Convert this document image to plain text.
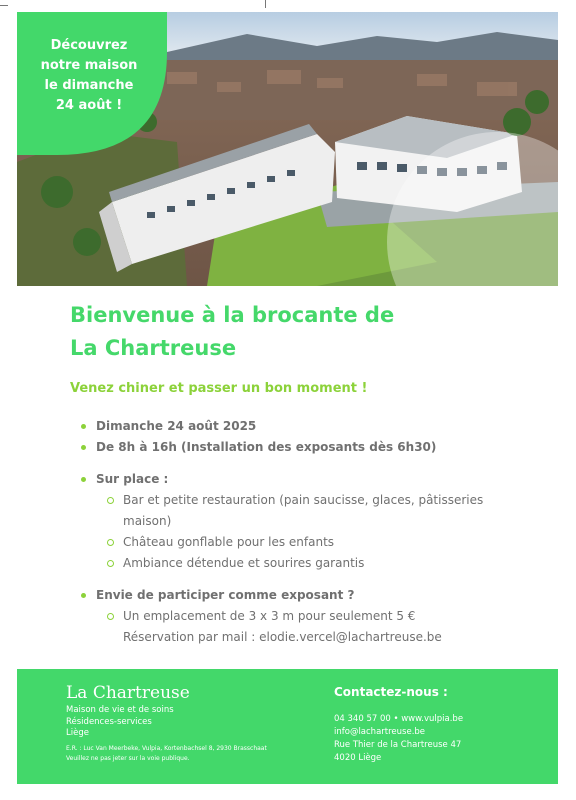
Découvrez
notre maison
le dimanche
24 août !
Bienvenue à la brocante de
La Chartreuse
Venez chiner et passer un bon moment !
Dimanche 24 août 2025
De 8h à 16h (Installation des exposants dès 6h30)
Sur place :
Bar et petite restauration (pain saucisse, glaces, pâtisseries
maison)
Château gonflable pour les enfants
Ambiance détendue et sourires garantis
Envie de participer comme exposant ?
Un emplacement de 3 x 3 m pour seulement 5 €
Réservation par mail : elodie.vercel@lachartreuse.be
La Chartreuse
Maison de vie et de soins
Résidences-services
Liège
E.R. : Luc Van Meerbeke, Vulpia, Kortenbachsel 8, 2930 Brasschaat
Veuillez ne pas jeter sur la voie publique.
Contactez-nous :
04 340 57 00 • www.vulpia.be
info@lachartreuse.be
Rue Thier de la Chartreuse 47
4020 Liège
